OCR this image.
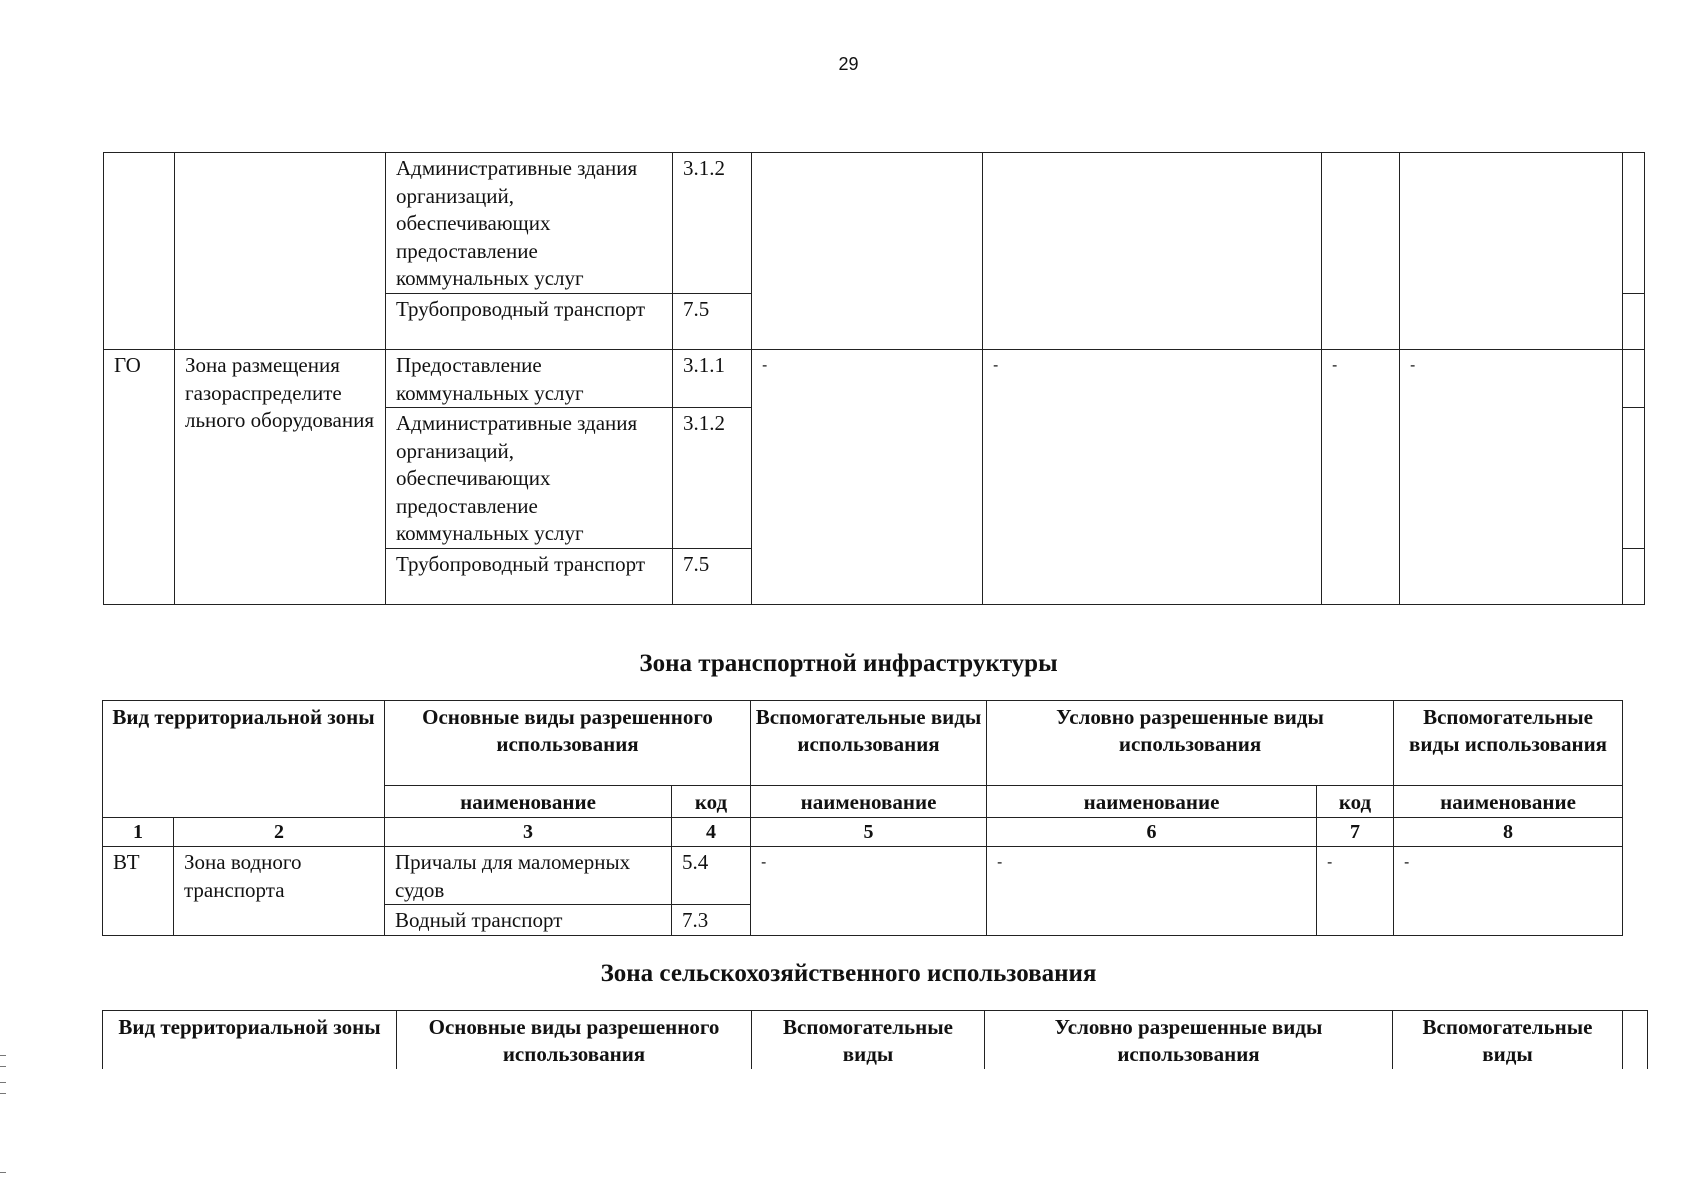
29
		Административные здания организаций, обеспечивающих предоставление коммунальных услуг	3.1.2					
		Трубопроводный транспорт	7.5					
ГО	Зона размещения газораспределите льного оборудования	Предоставление коммунальных услуг	3.1.1	-	-	-	-	
		Административные здания организаций, обеспечивающих предоставление коммунальных услуг	3.1.2					
		Трубопроводный транспорт	7.5					
Зона транспортной инфраструктуры
Вид территориальной зоны		Основные виды разрешенного использования		Вспомогательные виды использования	Условно разрешенные виды использования		Вспомогательные виды использования
		наименование	код	наименование	наименование	код	наименование
1	2	3	4	5	6	7	8
ВТ	Зона водного транспорта	Причалы для маломерных судов	5.4	-	-	-	-
		Водный транспорт	7.3				
Зона сельскохозяйственного использования
Вид территориальной зоны	Основные виды разрешенного использования	Вспомогательные виды	Условно разрешенные виды использования	Вспомогательные виды	
